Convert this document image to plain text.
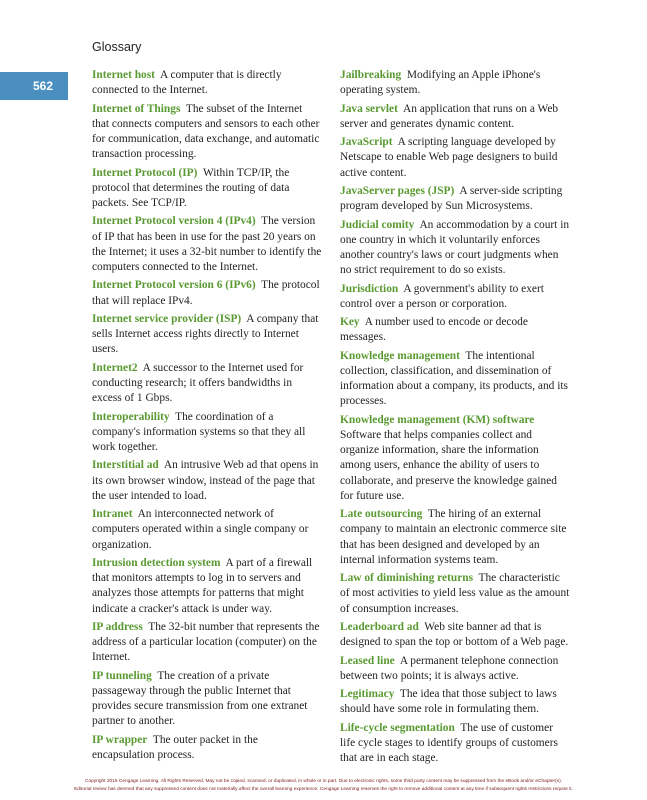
Glossary
562

Internet host A computer that is directly connected to the Internet.

Internet of Things The subset of the Internet that connects computers and sensors to each other for communication, data exchange, and automatic transaction processing.

Internet Protocol (IP) Within TCP/IP, the protocol that determines the routing of data packets. See TCP/IP.

Internet Protocol version 4 (IPv4) The version of IP that has been in use for the past 20 years on the Internet; it uses a 32-bit number to identify the computers connected to the Internet.

Internet Protocol version 6 (IPv6) The protocol that will replace IPv4.

Internet service provider (ISP) A company that sells Internet access rights directly to Internet users.

Internet2 A successor to the Internet used for conducting research; it offers bandwidths in excess of 1 Gbps.

Interoperability The coordination of a company's information systems so that they all work together.

Interstitial ad An intrusive Web ad that opens in its own browser window, instead of the page that the user intended to load.

Intranet An interconnected network of computers operated within a single company or organization.

Intrusion detection system A part of a firewall that monitors attempts to log in to servers and analyzes those attempts for patterns that might indicate a cracker's attack is under way.

IP address The 32-bit number that represents the address of a particular location (computer) on the Internet.

IP tunneling The creation of a private passageway through the public Internet that provides secure transmission from one extranet partner to another.

IP wrapper The outer packet in the encapsulation process.

Jailbreaking Modifying an Apple iPhone's operating system.

Java servlet An application that runs on a Web server and generates dynamic content.

JavaScript A scripting language developed by Netscape to enable Web page designers to build active content.

JavaServer pages (JSP) A server-side scripting program developed by Sun Microsystems.

Judicial comity An accommodation by a court in one country in which it voluntarily enforces another country's laws or court judgments when no strict requirement to do so exists.

Jurisdiction A government's ability to exert control over a person or corporation.

Key A number used to encode or decode messages.

Knowledge management The intentional collection, classification, and dissemination of information about a company, its products, and its processes.

Knowledge management (KM) software
Software that helps companies collect and organize information, share the information among users, enhance the ability of users to collaborate, and preserve the knowledge gained for future use.

Late outsourcing The hiring of an external company to maintain an electronic commerce site that has been designed and developed by an internal information systems team.

Law of diminishing returns The characteristic of most activities to yield less value as the amount of consumption increases.

Leaderboard ad Web site banner ad that is designed to span the top or bottom of a Web page.

Leased line A permanent telephone connection between two points; it is always active.

Legitimacy The idea that those subject to laws should have some role in formulating them.

Life-cycle segmentation The use of customer life cycle stages to identify groups of customers that are in each stage.

Copyright 2015 Cengage Learning. All Rights Reserved. May not be copied, scanned, or duplicated, in whole or in part. Due to electronic rights, some third party content may be suppressed from the eBook and/or eChapter(s).
Editorial review has deemed that any suppressed content does not materially affect the overall learning experience. Cengage Learning reserves the right to remove additional content at any time if subsequent rights restrictions require it.
